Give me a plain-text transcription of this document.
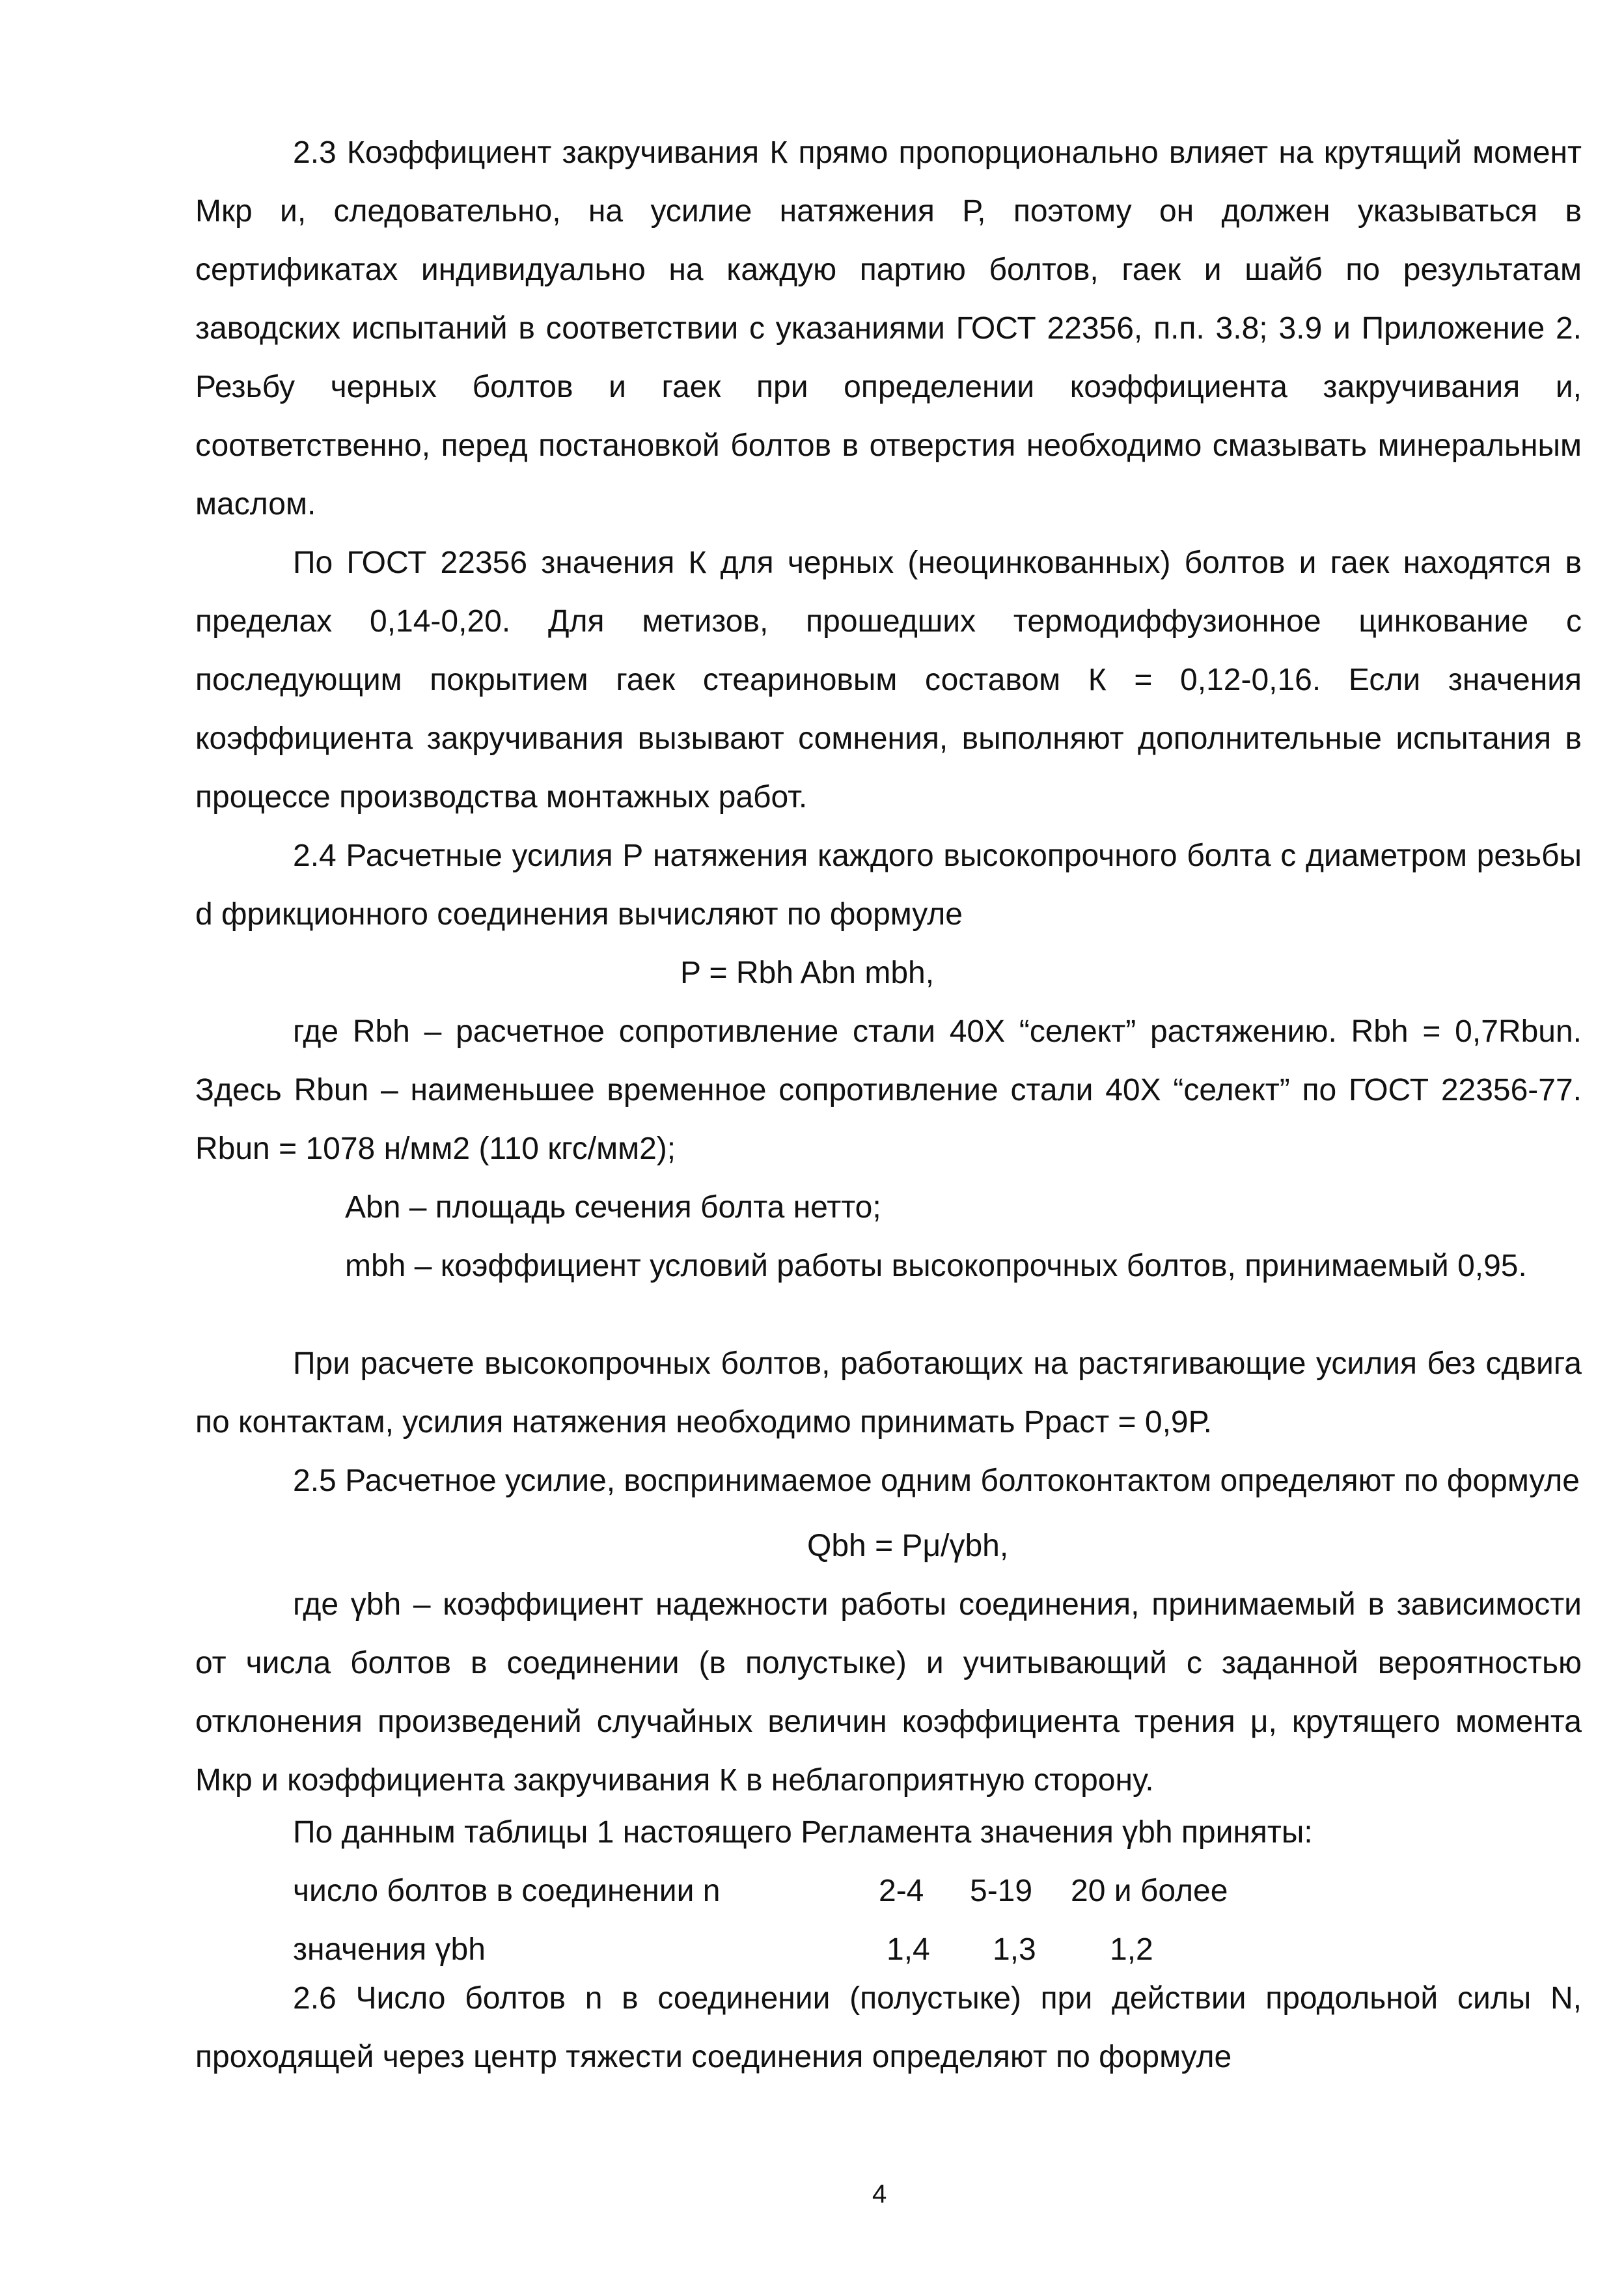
2.3 Коэффициент закручивания К прямо пропорционально влияет на крутящий момент Мкр и, следовательно, на усилие натяжения Р, поэтому он должен указываться в сертификатах индивидуально на каждую партию болтов, гаек и шайб по результатам заводских испытаний в соответствии с указаниями ГОСТ 22356, п.п. 3.8; 3.9 и Приложение 2. Резьбу черных болтов и гаек при определении коэффициента закручивания и, соответственно, перед постановкой болтов в отверстия необходимо смазывать минеральным маслом.

По ГОСТ 22356 значения К для черных (неоцинкованных) болтов и гаек находятся в пределах 0,14-0,20. Для метизов, прошедших термодиффузионное цинкование с последующим покрытием гаек стеариновым составом К = 0,12-0,16. Если значения коэффициента закручивания вызывают сомнения, выполняют дополнительные испытания в процессе производства монтажных работ.

2.4 Расчетные усилия Р натяжения каждого высокопрочного болта с диаметром резьбы d фрикционного соединения вычисляют по формуле

P = Rbh Abn mbh,

где Rbh – расчетное сопротивление стали 40Х “селект” растяжению. Rbh = 0,7Rbun. Здесь Rbun – наименьшее временное сопротивление стали 40Х “селект” по ГОСТ 22356-77. Rbun = 1078 н/мм2 (110 кгс/мм2);

Abn – площадь сечения болта нетто;

mbh – коэффициент условий работы высокопрочных болтов, принимаемый 0,95.

При расчете высокопрочных болтов, работающих на растягивающие усилия без сдвига по контактам, усилия натяжения необходимо принимать Рраст = 0,9Р.

2.5 Расчетное усилие, воспринимаемое одним болтоконтактом определяют по формуле

Qbh = Pμ/γbh,

где γbh – коэффициент надежности работы соединения, принимаемый в зависимости от числа болтов в соединении (в полустыке) и учитывающий с заданной вероятностью отклонения произведений случайных величин коэффициента трения μ, крутящего момента Мкр и коэффициента закручивания К в неблагоприятную сторону.

По данным таблицы 1 настоящего Регламента значения γbh приняты:

число болтов в соединении n	2-4 5-19 20 и более
значения γbh	1,4 1,3 1,2

2.6 Число болтов n в соединении (полустыке) при действии продольной силы N, проходящей через центр тяжести соединения определяют по формуле

4
